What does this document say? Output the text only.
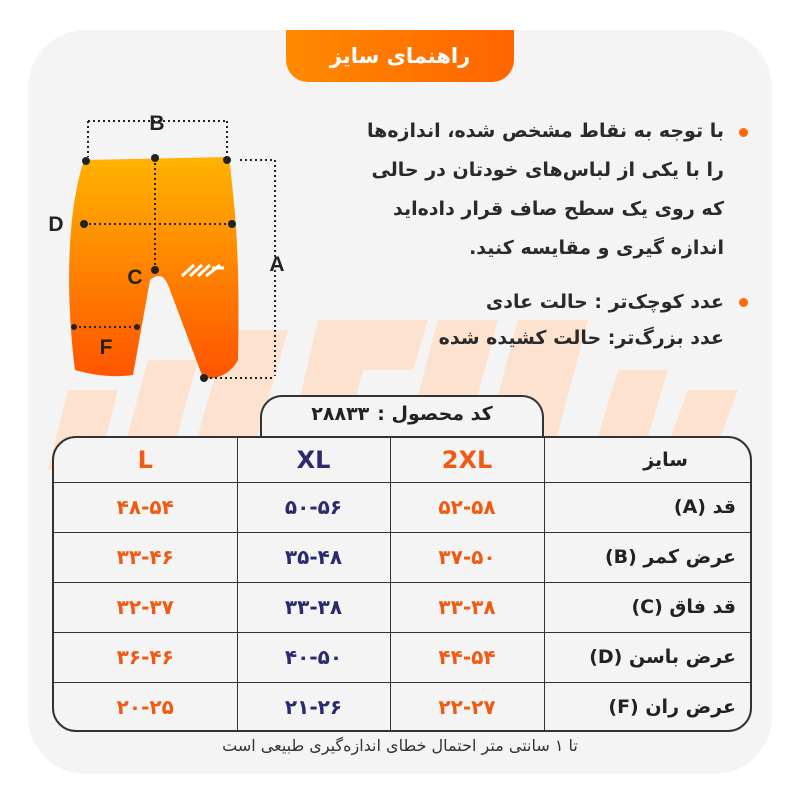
راهنمای سایز
B
D
C
A
F

با توجه به نقاط مشخص شده، اندازه‌ها

را با یکی از لباس‌های خودتان در حالی

که روی یک سطح صاف قرار داده‌اید

اندازه گیری و مقایسه کنید.

عدد کوچک‌تر : حالت عادی

عدد بزرگ‌تر: حالت کشیده شده

کد محصول :
۲۸۸۳۳
L	XL	2XL	سایز
۴۸-۵۴	۵۰-۵۶	۵۲-۵۸	قد (A)
۳۳-۴۶	۳۵-۴۸	۳۷-۵۰	عرض کمر (B)
۳۲-۳۷	۳۳-۳۸	۳۳-۳۸	قد فاق (C)
۳۶-۴۶	۴۰-۵۰	۴۴-۵۴	عرض باسن (D)
۲۰-۲۵	۲۱-۲۶	۲۲-۲۷	عرض ران (F)
تا ۱ سانتی متر احتمال خطای اندازه‌گیری طبیعی است
